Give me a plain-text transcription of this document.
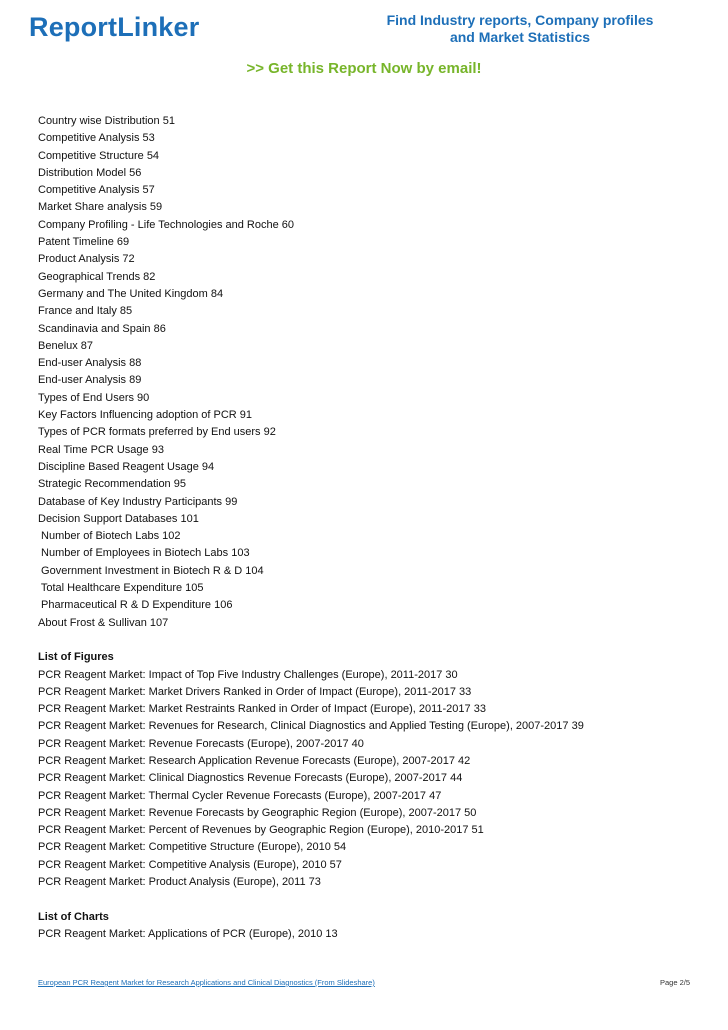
ReportLinker	Find Industry reports, Company profiles
and Market Statistics
>> Get this Report Now by email!
Country wise Distribution 51
Competitive Analysis 53
Competitive Structure 54
Distribution Model 56
Competitive Analysis 57
Market Share analysis 59
Company Profiling - Life Technologies and Roche 60
Patent Timeline 69
Product Analysis 72
Geographical Trends 82
Germany and The United Kingdom 84
France and Italy 85
Scandinavia and Spain 86
Benelux 87
End-user Analysis 88
End-user Analysis 89
Types of End Users 90
Key Factors Influencing adoption of PCR 91
Types of PCR formats preferred by End users 92
Real Time PCR Usage 93
Discipline Based Reagent Usage 94
Strategic Recommendation 95
Database of Key Industry Participants 99
Decision Support Databases 101
Number of Biotech Labs 102
Number of Employees in Biotech Labs 103
Government Investment in Biotech R & D 104
Total Healthcare Expenditure 105
Pharmaceutical R & D Expenditure 106
About Frost & Sullivan 107
List of Figures
PCR Reagent Market: Impact of Top Five Industry Challenges (Europe), 2011-2017 30
PCR Reagent Market: Market Drivers Ranked in Order of Impact (Europe), 2011-2017 33
PCR Reagent Market: Market Restraints Ranked in Order of Impact (Europe), 2011-2017 33
PCR Reagent Market: Revenues for Research, Clinical Diagnostics and Applied Testing (Europe), 2007-2017 39
PCR Reagent Market: Revenue Forecasts (Europe), 2007-2017 40
PCR Reagent Market: Research Application Revenue Forecasts (Europe), 2007-2017 42
PCR Reagent Market: Clinical Diagnostics Revenue Forecasts (Europe), 2007-2017 44
PCR Reagent Market: Thermal Cycler Revenue Forecasts (Europe), 2007-2017 47
PCR Reagent Market: Revenue Forecasts by Geographic Region (Europe), 2007-2017 50
PCR Reagent Market: Percent of Revenues by Geographic Region (Europe), 2010-2017 51
PCR Reagent Market: Competitive Structure (Europe), 2010 54
PCR Reagent Market: Competitive Analysis (Europe), 2010 57
PCR Reagent Market: Product Analysis (Europe), 2011 73
List of Charts
PCR Reagent Market: Applications of PCR (Europe), 2010 13
European PCR Reagent Market for Research Applications and Clinical Diagnostics (From Slideshare)	Page 2/5
